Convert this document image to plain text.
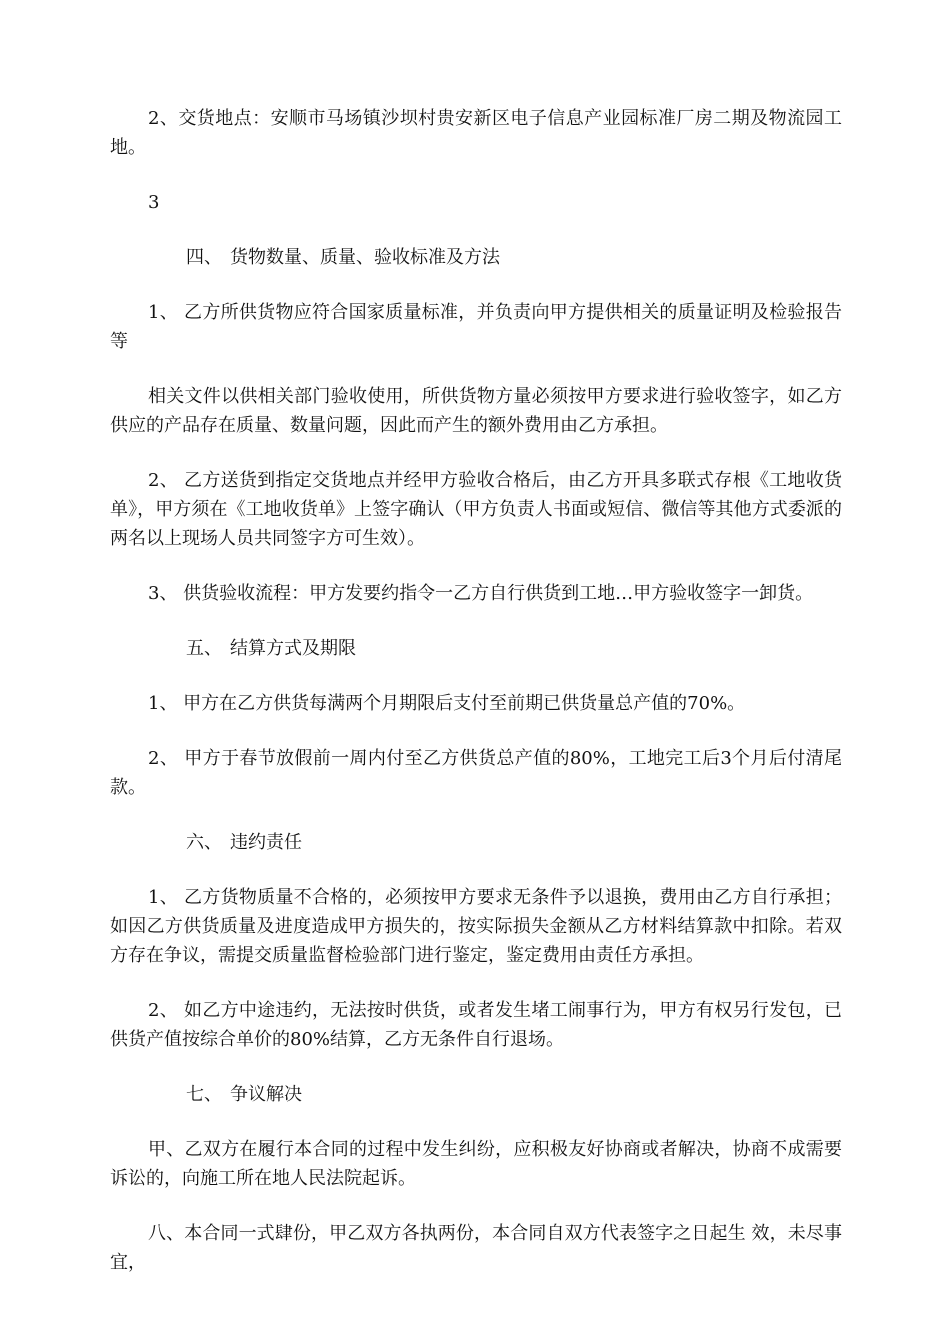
2、交货地点：安顺市马场镇沙坝村贵安新区电子信息产业园标准厂房二期及物流园工地。

3

四、 货物数量、质量、验收标准及方法

1、 乙方所供货物应符合国家质量标准，并负责向甲方提供相关的质量证明及检验报告等

相关文件以供相关部门验收使用，所供货物方量必须按甲方要求进行验收签字，如乙方供应的产品存在质量、数量问题，因此而产生的额外费用由乙方承担。

2、 乙方送货到指定交货地点并经甲方验收合格后，由乙方开具多联式存根《工地收货单》，甲方须在《工地收货单》上签字确认（甲方负责人书面或短信、微信等其他方式委派的两名以上现场人员共同签字方可生效）。

3、 供货验收流程：甲方发要约指令一乙方自行供货到工地…甲方验收签字一卸货。

五、 结算方式及期限

1、 甲方在乙方供货每满两个月期限后支付至前期已供货量总产值的70%。

2、 甲方于春节放假前一周内付至乙方供货总产值的80%，工地完工后3个月后付清尾款。

六、 违约责任

1、 乙方货物质量不合格的，必须按甲方要求无条件予以退换，费用由乙方自行承担；如因乙方供货质量及进度造成甲方损失的，按实际损失金额从乙方材料结算款中扣除。若双方存在争议，需提交质量监督检验部门进行鉴定，鉴定费用由责任方承担。

2、 如乙方中途违约，无法按时供货，或者发生堵工闹事行为，甲方有权另行发包，已供货产值按综合单价的80%结算，乙方无条件自行退场。

七、 争议解决

甲、乙双方在履行本合同的过程中发生纠纷，应积极友好协商或者解决，协商不成需要诉讼的，向施工所在地人民法院起诉。

八、本合同一式肆份，甲乙双方各执两份，本合同自双方代表签字之日起生 效，未尽事宜，
